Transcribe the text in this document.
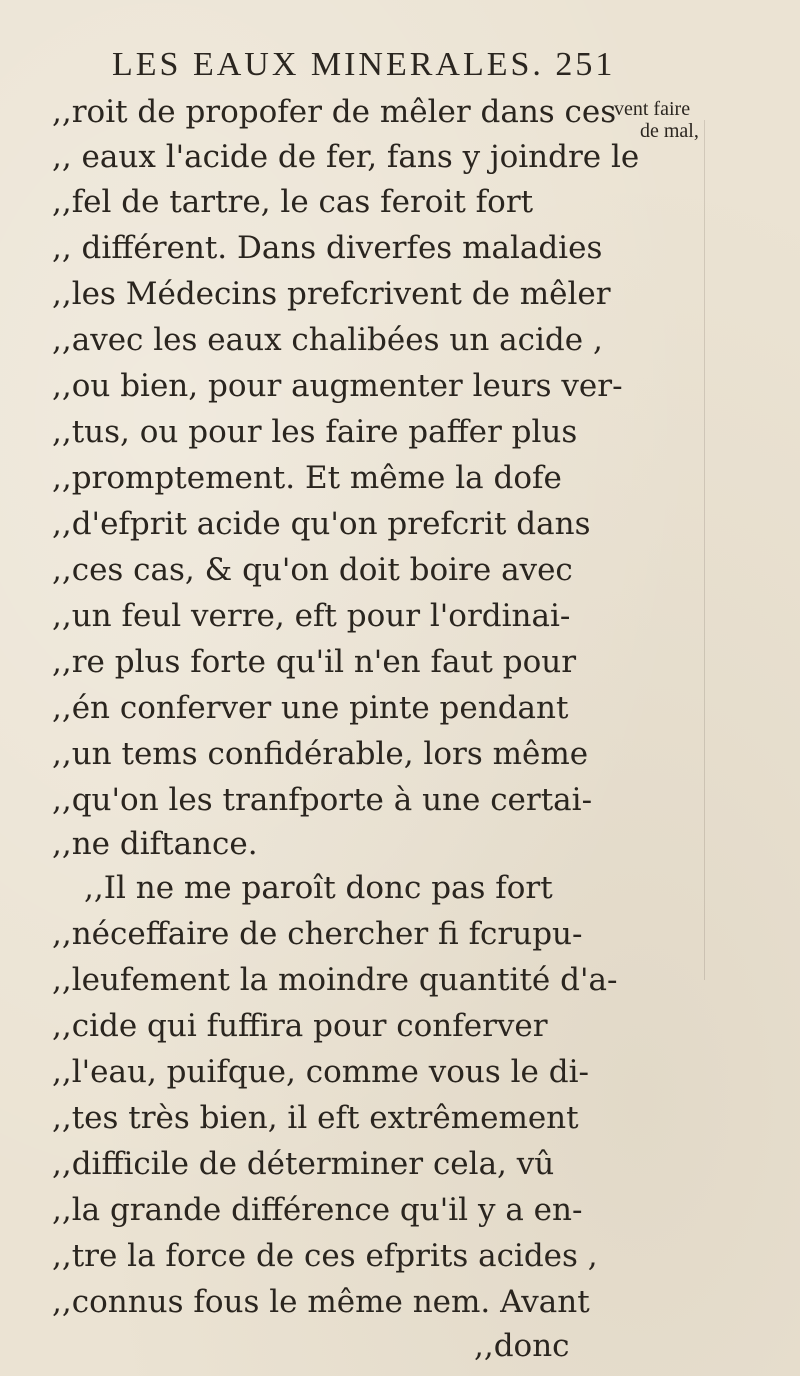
LES EAUX MINERALES. 251
vent faire
de mal,
,,roit de propofer de mêler dans ces
,, eaux l'acide de fer, fans y joindre le
,,fel de tartre, le cas feroit fort
,, différent. Dans diverfes maladies
,,les Médecins prefcrivent de mêler
,,avec les eaux chalibées un acide ,
,,ou bien, pour augmenter leurs ver-
,,tus, ou pour les faire paffer plus
,,promptement. Et même la dofe
,,d'efprit acide qu'on prefcrit dans
,,ces cas, & qu'on doit boire avec
,,un feul verre, eft pour l'ordinai-
,,re plus forte qu'il n'en faut pour
,,én conferver une pinte pendant
,,un tems confidérable, lors même
,,qu'on les tranfporte à une certai-
,,ne diftance.
,,Il ne me paroît donc pas fort
,,néceffaire de chercher fi fcrupu-
,,leufement la moindre quantité d'a-
,,cide qui fuffira pour conferver
,,l'eau, puifque, comme vous le di-
,,tes très bien, il eft extrêmement
,,difficile de déterminer cela, vû
,,la grande différence qu'il y a en-
,,tre la force de ces efprits acides ,
,,connus fous le même nem. Avant
,,donc
